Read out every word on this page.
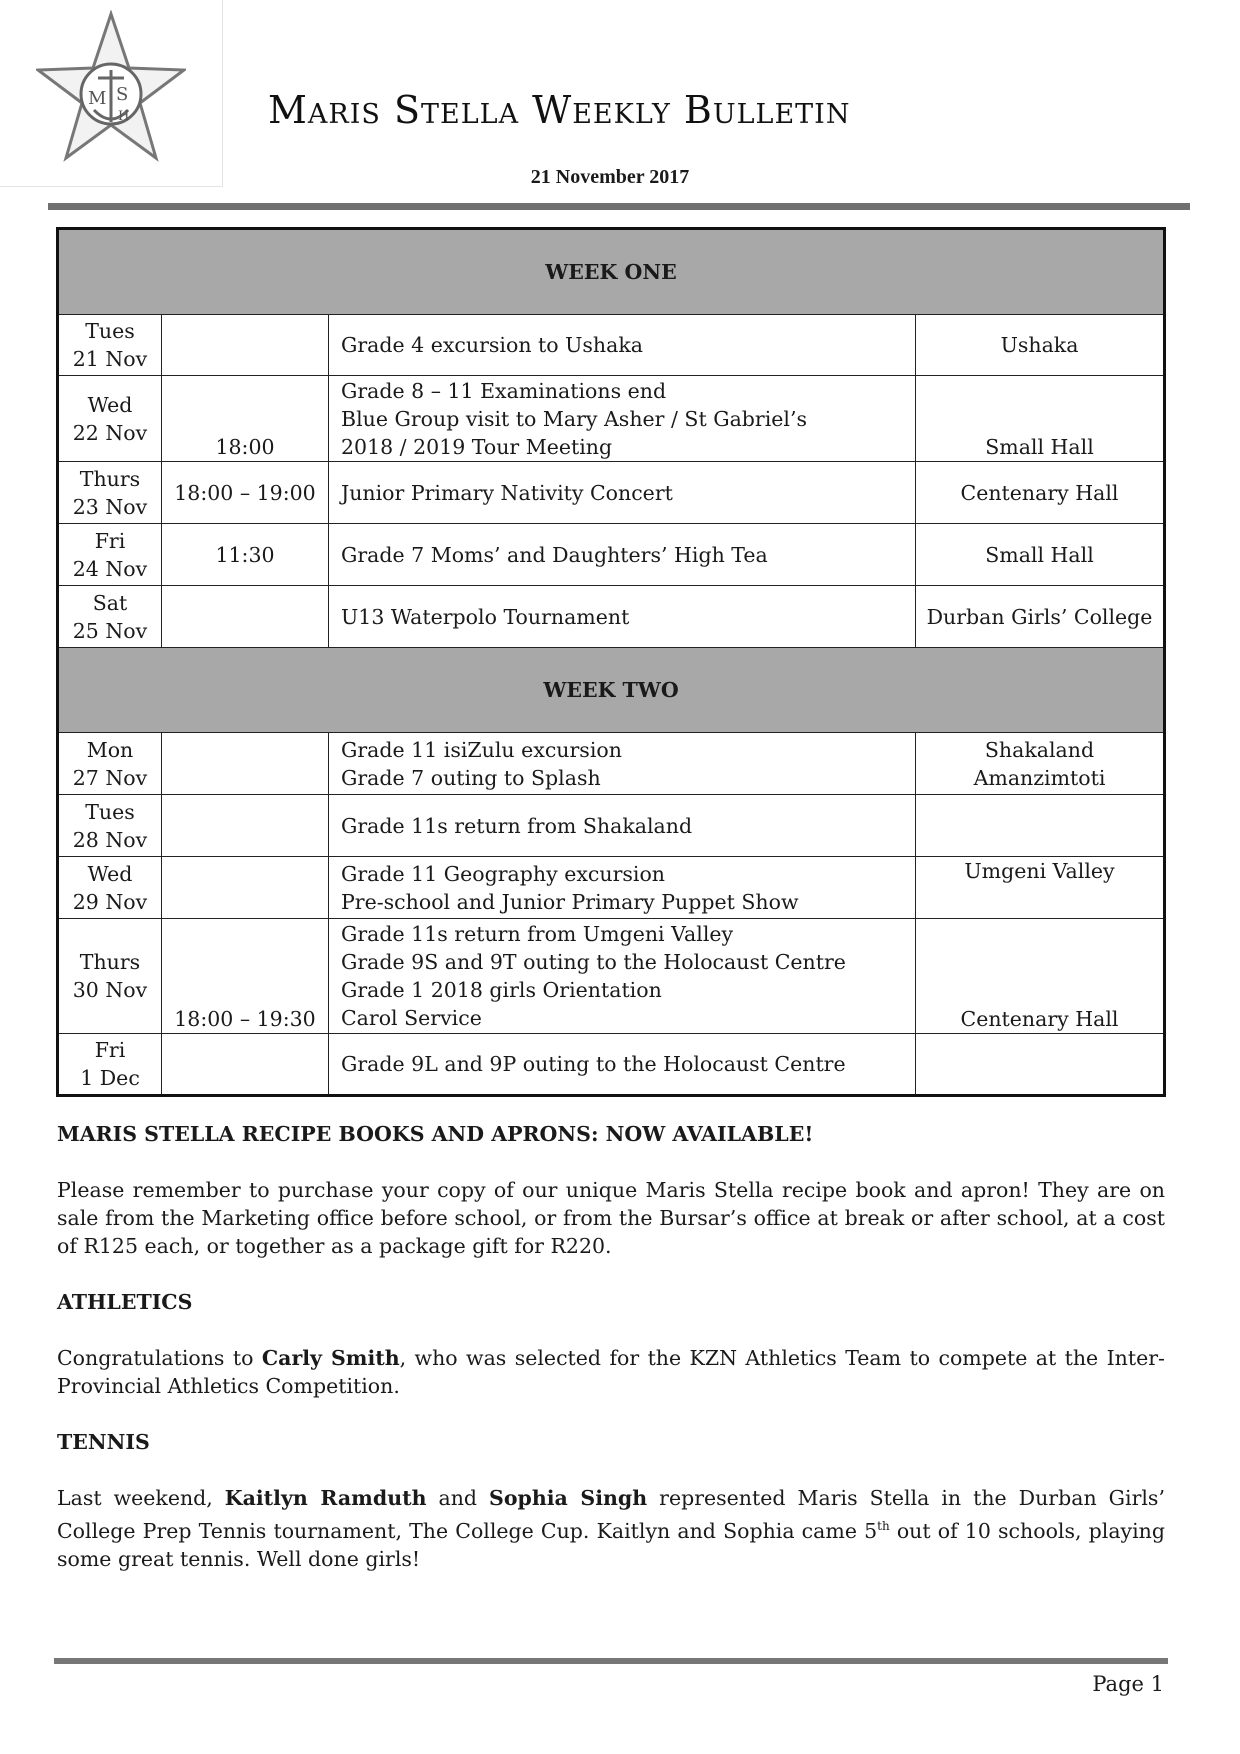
M S
H	Maris Stella Weekly Bulletin
21 November 2017
WEEK ONE			

Tues
21 Nov		Grade 4 excursion to Ushaka	Ushaka

Wed
22 Nov	18:00	Grade 8 – 11 Examinations end
Blue Group visit to Mary Asher / St Gabriel’s
2018 / 2019 Tour Meeting	Small Hall

Thurs
23 Nov	18:00 – 19:00	Junior Primary Nativity Concert	Centenary Hall

Fri
24 Nov	11:30	Grade 7 Moms’ and Daughters’ High Tea	Small Hall

Sat
25 Nov		U13 Waterpolo Tournament	Durban Girls’ College

WEEK TWO			

Mon
27 Nov		Grade 11 isiZulu excursion
Grade 7 outing to Splash	Shakaland
Amanzimtoti

Tues
28 Nov		Grade 11s return from Shakaland	

Wed
29 Nov		Grade 11 Geography excursion
Pre-school and Junior Primary Puppet Show	Umgeni Valley

Thurs
30 Nov	18:00 – 19:30	Grade 11s return from Umgeni Valley
Grade 9S and 9T outing to the Holocaust Centre
Grade 1 2018 girls Orientation
Carol Service	Centenary Hall

Fri
1 Dec		Grade 9L and 9P outing to the Holocaust Centre	

MARIS STELLA RECIPE BOOKS AND APRONS: NOW AVAILABLE!
Please remember to purchase your copy of our unique Maris Stella recipe book and apron! They are on sale from the Marketing office before school, or from the Bursar’s office at break or after school, at a cost of R125 each, or together as a package gift for R220.
ATHLETICS
Congratulations to Carly Smith, who was selected for the KZN Athletics Team to compete at the Inter-Provincial Athletics Competition.
TENNIS
Last weekend, Kaitlyn Ramduth and Sophia Singh represented Maris Stella in the Durban Girls’ College Prep Tennis tournament, The College Cup. Kaitlyn and Sophia came 5th out of 10 schools, playing some great tennis. Well done girls!
Page 1
